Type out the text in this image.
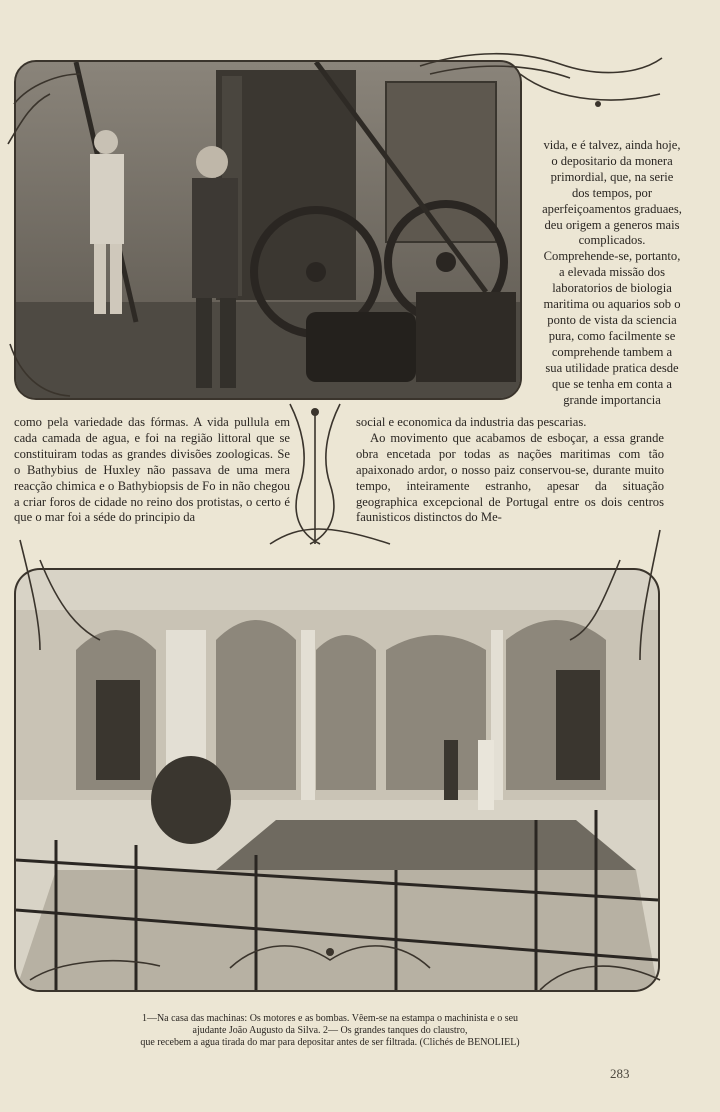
vida, e é talvez, ainda hoje, o depositario da monera primordial, que, na serie dos tempos, por aperfeiçoamentos graduaes, deu origem a generos mais complicados. Comprehende-se, portanto, a elevada missão dos laboratorios de biologia maritima ou aquarios sob o ponto de vista da sciencia pura, como facilmente se comprehende tambem a sua utilidade pratica desde que se tenha em conta a grande importancia

como pela variedade das fórmas. A vida pullula em cada camada de agua, e foi na região littoral que se constituiram todas as grandes divisões zoologicas. Se o Bathybius de Huxley não passava de uma mera reacção chimica e o Bathybiopsis de Fo in não chegou a criar foros de cidade no reino dos protistas, o certo é que o mar foi a séde do principio da

social e economica da industria das pescarias.

Ao movimento que acabamos de esboçar, a essa grande obra encetada por todas as nações maritimas com tão apaixonado ardor, o nosso paiz conservou-se, durante muito tempo, inteiramente estranho, apesar da situação geographica excepcional de Portugal entre os dois centros faunisticos distinctos do Me-

1—Na casa das machinas: Os motores e as bombas. Vêem-se na estampa o machinista e o seu
ajudante João Augusto da Silva. 2— Os grandes tanques do claustro,
que recebem a agua tirada do mar para depositar antes de ser filtrada. (Clichés de BENOLIEL)
283
